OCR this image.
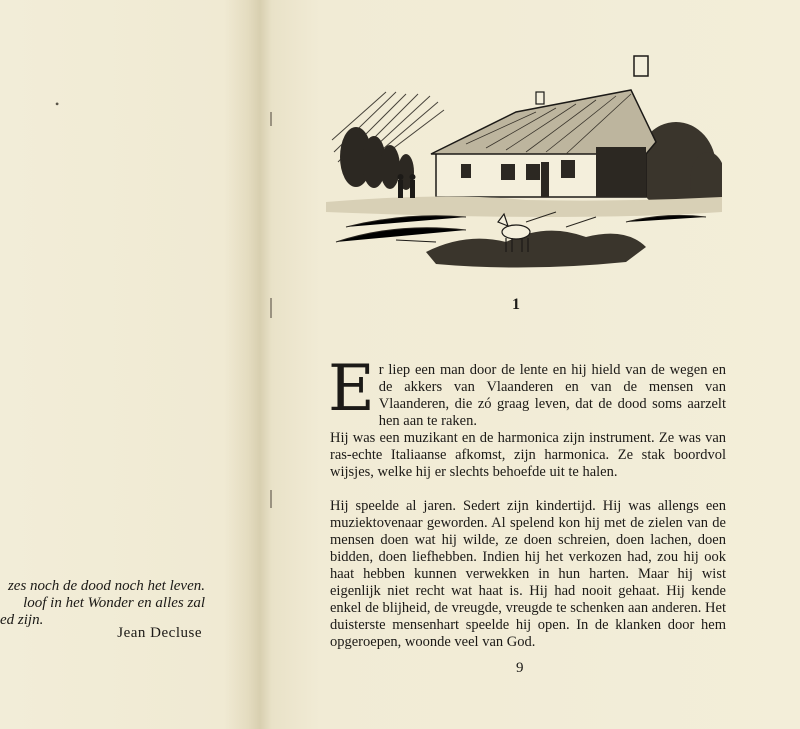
•
zes noch de dood noch het leven.
loof in het Wonder en alles zal
ed zijn.
Jean Decluse
1

Er liep een man door de lente en hij hield van de wegen en de akkers van Vlaanderen en van de mensen van Vlaanderen, die zó graag leven, dat de dood soms aarzelt hen aan te raken.

Hij was een muzikant en de harmonica zijn instrument. Ze was van ras-echte Italiaanse afkomst, zijn harmonica. Ze stak boordvol wijsjes, welke hij er slechts behoefde uit te halen.

Hij speelde al jaren. Sedert zijn kindertijd. Hij was allengs een muziektovenaar geworden. Al spelend kon hij met de zielen van de mensen doen wat hij wilde, ze doen schreien, doen lachen, doen bidden, doen liefhebben. Indien hij het verkozen had, zou hij ook haat hebben kunnen verwekken in hun harten. Maar hij wist eigenlijk niet recht wat haat is. Hij had nooit gehaat. Hij kende enkel de blijheid, de vreugde, vreugde te schenken aan anderen. Het duisterste mensenhart speelde hij open. In de klanken door hem opgeroepen, woonde veel van God.

9
